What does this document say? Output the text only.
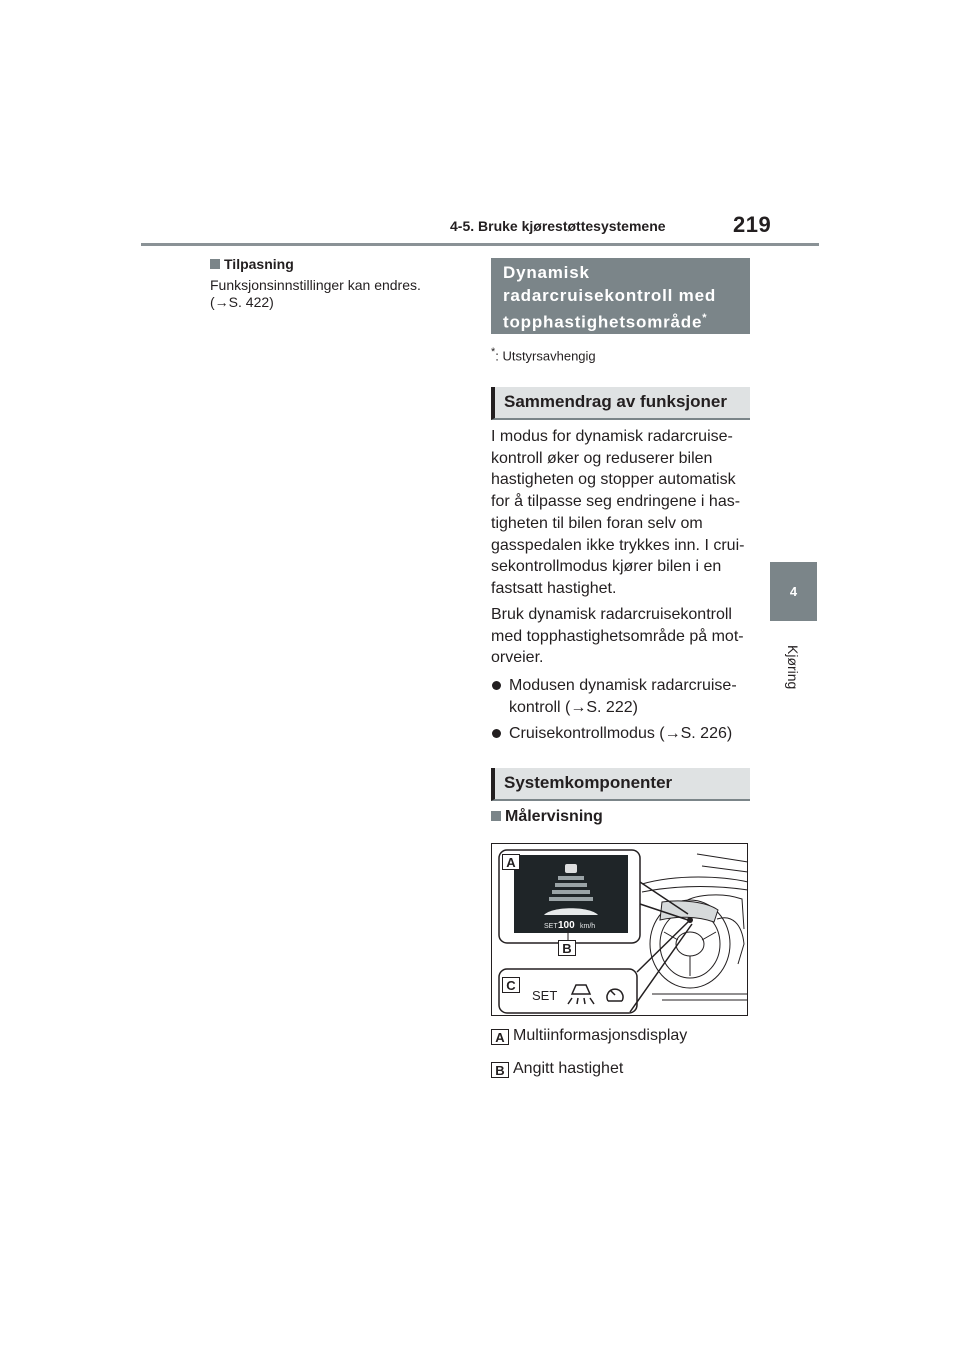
4-5. Bruke kjørestøttesystemene	219
4
Kjøring
Tilpasning
Funksjonsinnstillinger kan endres.
(→S. 422)
Dynamisk
radarcruisekontroll med
topphastighetsområde*
*: Utstyrsavhengig
Sammendrag av funksjoner
I modus for dynamisk radarcruise-
kontroll øker og reduserer bilen
hastigheten og stopper automatisk
for å tilpasse seg endringene i has-
tigheten til bilen foran selv om
gasspedalen ikke trykkes inn. I crui-
sekontrollmodus kjører bilen i en
fastsatt hastighet.
Bruk dynamisk radarcruisekontroll
med topphastighetsområde på mot-
orveier.
Modusen dynamisk radarcruise-
kontroll (→S. 222)
Cruisekontrollmodus (→S. 226)
Systemkomponenter
Målervisning
SET 100 km/h
SET
A
B
C
A Multiinformasjonsdisplay
B Angitt hastighet
